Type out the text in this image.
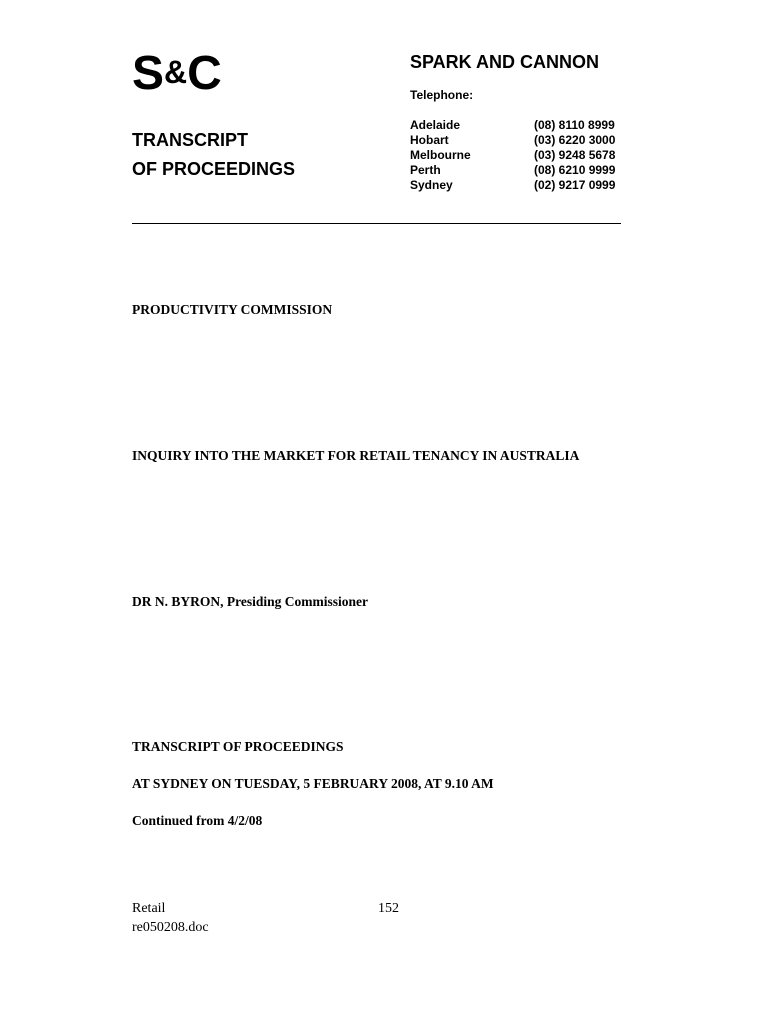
S&C	SPARK AND CANNON
Telephone:
Adelaide	(08) 8110 8999
Hobart	(03) 6220 3000
Melbourne	(03) 9248 5678
Perth	(08) 6210 9999
Sydney	(02) 9217 0999
TRANSCRIPT
OF PROCEEDINGS
PRODUCTIVITY COMMISSION
INQUIRY INTO THE MARKET FOR RETAIL TENANCY IN AUSTRALIA
DR N. BYRON, Presiding Commissioner
TRANSCRIPT OF PROCEEDINGS
AT SYDNEY ON TUESDAY, 5 FEBRUARY 2008, AT 9.10 AM
Continued from 4/2/08
Retail
re050208.doc
152
